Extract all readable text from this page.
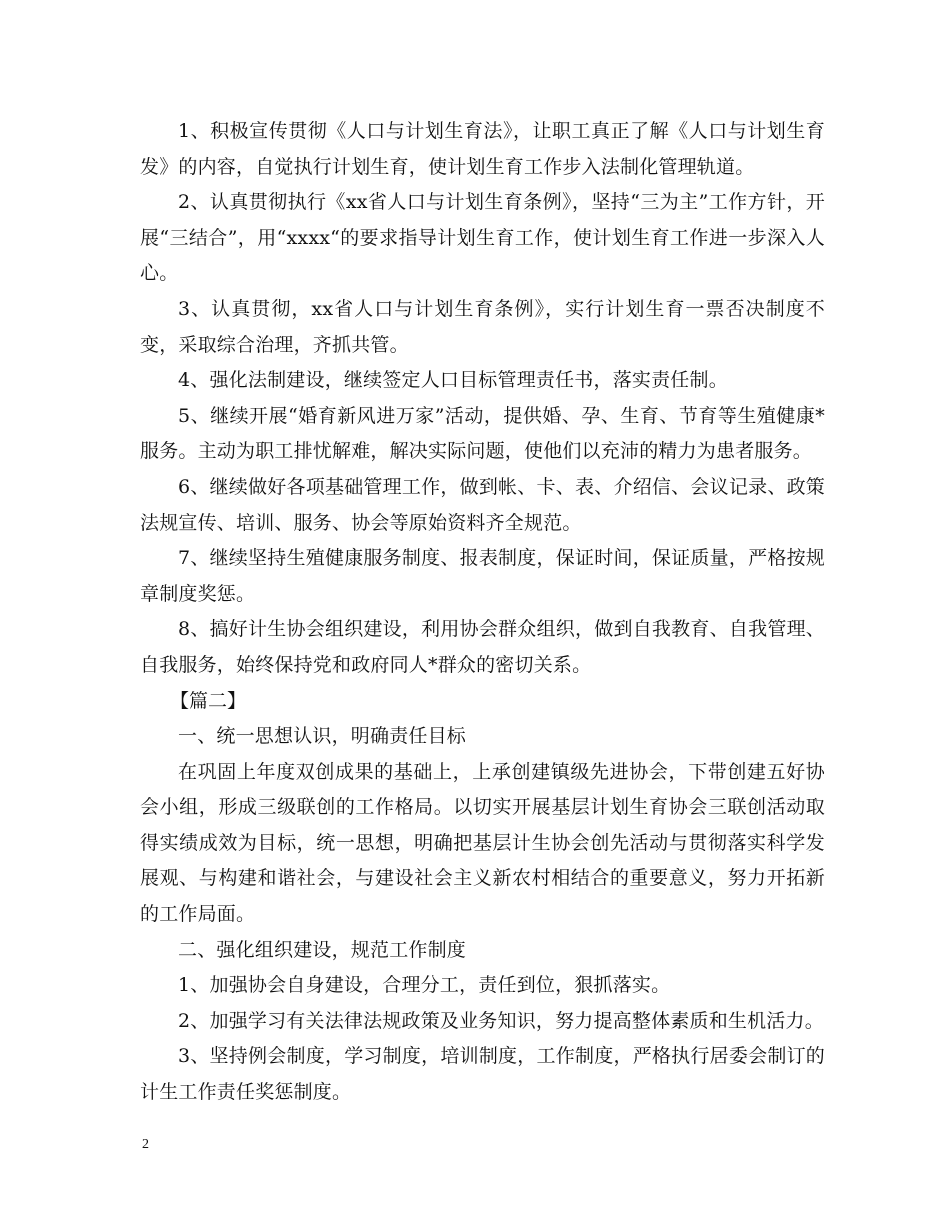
1、积极宣传贯彻《人口与计划生育法》，让职工真正了解《人口与计划生育发》的内容，自觉执行计划生育，使计划生育工作步入法制化管理轨道。

2、认真贯彻执行《xx省人口与计划生育条例》，坚持“三为主”工作方针，开展“三结合”，用“xxxx“的要求指导计划生育工作，使计划生育工作进一步深入人心。

3、认真贯彻，xx省人口与计划生育条例》，实行计划生育一票否决制度不变，采取综合治理，齐抓共管。

4、强化法制建设，继续签定人口目标管理责任书，落实责任制。

5、继续开展“婚育新风进万家”活动，提供婚、孕、生育、节育等生殖健康*服务。主动为职工排忧解难，解决实际问题，使他们以充沛的精力为患者服务。

6、继续做好各项基础管理工作，做到帐、卡、表、介绍信、会议记录、政策法规宣传、培训、服务、协会等原始资料齐全规范。

7、继续坚持生殖健康服务制度、报表制度，保证时间，保证质量，严格按规章制度奖惩。

8、搞好计生协会组织建设，利用协会群众组织，做到自我教育、自我管理、自我服务，始终保持党和政府同人*群众的密切关系。

【篇二】

一、统一思想认识，明确责任目标

在巩固上年度双创成果的基础上，上承创建镇级先进协会，下带创建五好协会小组，形成三级联创的工作格局。以切实开展基层计划生育协会三联创活动取得实绩成效为目标，统一思想，明确把基层计生协会创先活动与贯彻落实科学发展观、与构建和谐社会，与建设社会主义新农村相结合的重要意义，努力开拓新的工作局面。

二、强化组织建设，规范工作制度

1、加强协会自身建设，合理分工，责任到位，狠抓落实。

2、加强学习有关法律法规政策及业务知识，努力提高整体素质和生机活力。

3、坚持例会制度，学习制度，培训制度，工作制度，严格执行居委会制订的计生工作责任奖惩制度。

2
